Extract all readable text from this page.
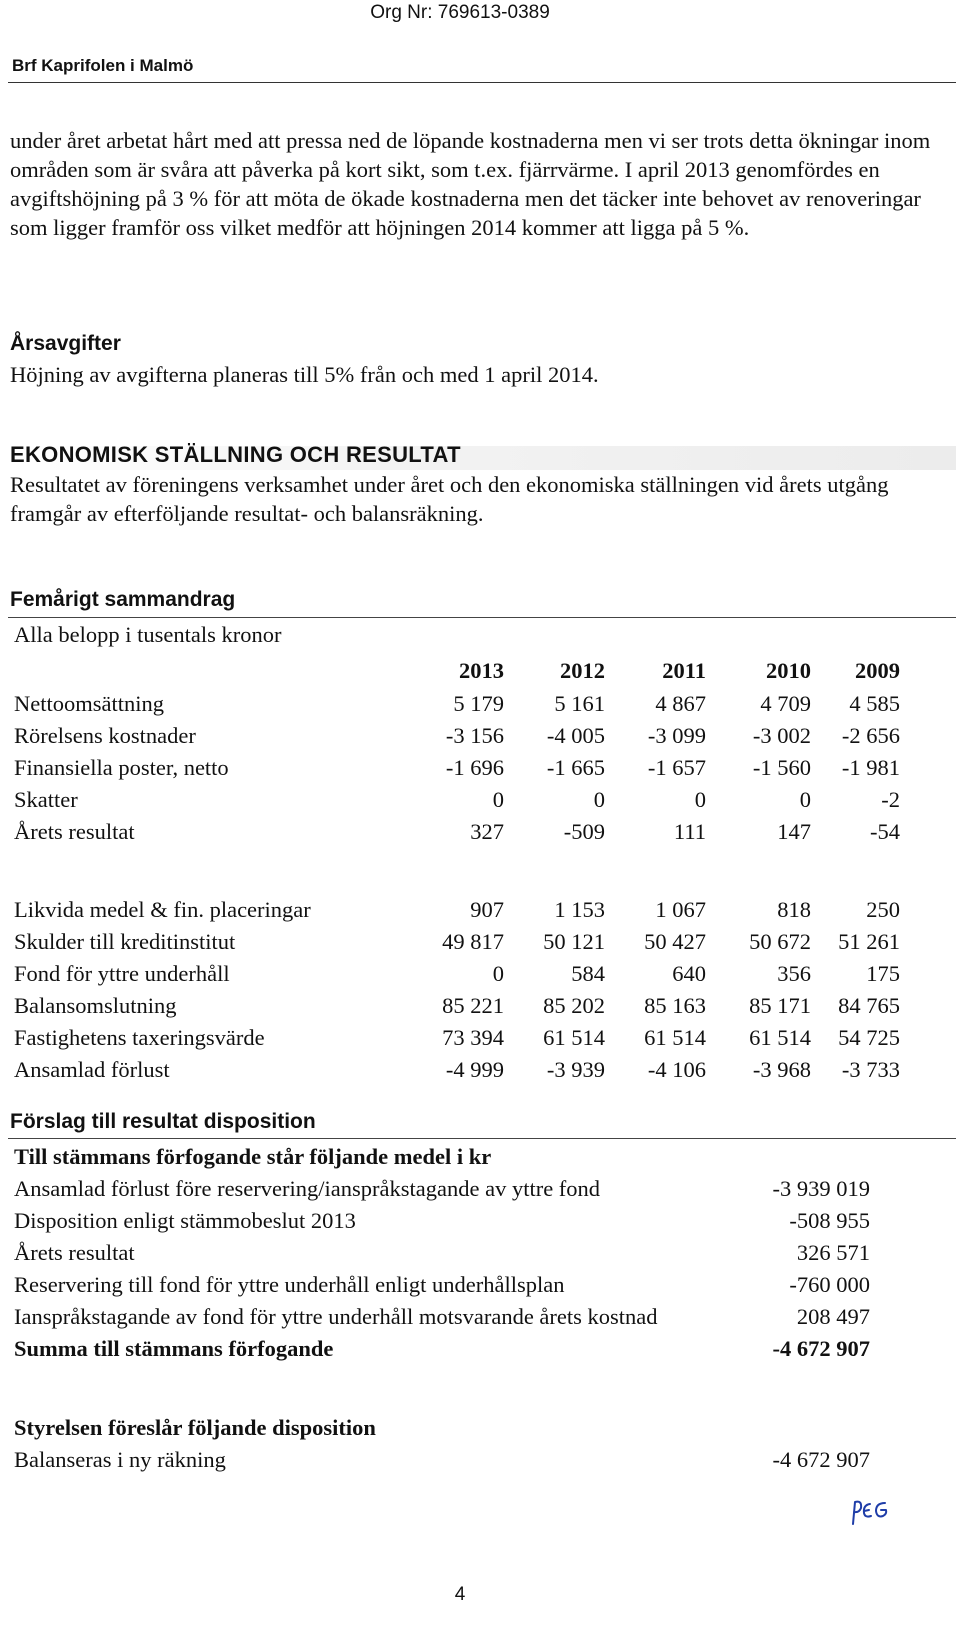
Org Nr: 769613-0389
Brf Kaprifolen i Malmö
under året arbetat hårt med att pressa ned de löpande kostnaderna men vi ser trots detta ökningar inom områden som är svåra att påverka på kort sikt, som t.ex. fjärrvärme. I april 2013 genomfördes en avgiftshöjning på 3 % för att möta de ökade kostnaderna men det täcker inte behovet av renoveringar som ligger framför oss vilket medför att höjningen 2014 kommer att ligga på 5 %.
Årsavgifter
Höjning av avgifterna planeras till 5% från och med 1 april 2014.
EKONOMISK STÄLLNING OCH RESULTAT
Resultatet av föreningens verksamhet under året och den ekonomiska ställningen vid årets utgång framgår av efterföljande resultat- och balansräkning.
Femårigt sammandrag
Alla belopp i tusentals kronor
	2013	2012	2011	2010	2009
Nettoomsättning	5 179	5 161	4 867	4 709	4 585
Rörelsens kostnader	-3 156	-4 005	-3 099	-3 002	-2 656
Finansiella poster, netto	-1 696	-1 665	-1 657	-1 560	-1 981
Skatter	0	0	0	0	-2
Årets resultat	327	-509	111	147	-54

Likvida medel & fin. placeringar	907	1 153	1 067	818	250
Skulder till kreditinstitut	49 817	50 121	50 427	50 672	51 261
Fond för yttre underhåll	0	584	640	356	175
Balansomslutning	85 221	85 202	85 163	85 171	84 765
Fastighetens taxeringsvärde	73 394	61 514	61 514	61 514	54 725
Ansamlad förlust	-4 999	-3 939	-4 106	-3 968	-3 733
Förslag till resultat disposition
Till stämmans förfogande står följande medel i kr	
Ansamlad förlust före reservering/ianspråkstagande av yttre fond	-3 939 019
Disposition enligt stämmobeslut 2013	-508 955
Årets resultat	326 571
Reservering till fond för yttre underhåll enligt underhållsplan	-760 000
Ianspråkstagande av fond för yttre underhåll motsvarande årets kostnad	208 497
Summa till stämmans förfogande	-4 672 907
Styrelsen föreslår följande disposition
Balanseras i ny räkning	-4 672 907
4
